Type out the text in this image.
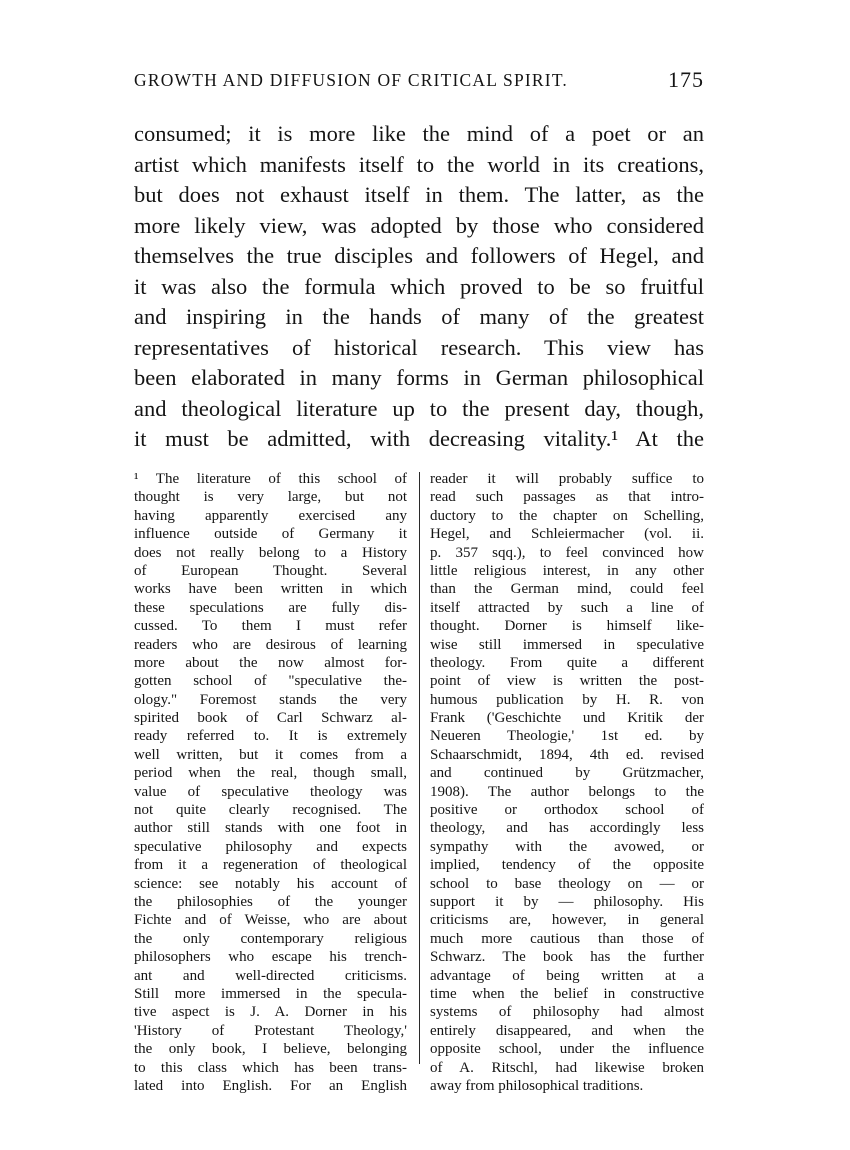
GROWTH AND DIFFUSION OF CRITICAL SPIRIT.	175
consumed; it is more like the mind of a poet or an
artist which manifests itself to the world in its creations,
but does not exhaust itself in them. The latter, as the
more likely view, was adopted by those who considered
themselves the true disciples and followers of Hegel, and
it was also the formula which proved to be so fruitful
and inspiring in the hands of many of the greatest
representatives of historical research. This view has
been elaborated in many forms in German philosophical
and theological literature up to the present day, though,
it must be admitted, with decreasing vitality.¹ At the
¹ The literature of this school of
thought is very large, but not
having apparently exercised any
influence outside of Germany it
does not really belong to a History
of European Thought. Several
works have been written in which
these speculations are fully dis-
cussed. To them I must refer
readers who are desirous of learning
more about the now almost for-
gotten school of "speculative the-
ology." Foremost stands the very
spirited book of Carl Schwarz al-
ready referred to. It is extremely
well written, but it comes from a
period when the real, though small,
value of speculative theology was
not quite clearly recognised. The
author still stands with one foot in
speculative philosophy and expects
from it a regeneration of theological
science: see notably his account of
the philosophies of the younger
Fichte and of Weisse, who are about
the only contemporary religious
philosophers who escape his trench-
ant and well-directed criticisms.
Still more immersed in the specula-
tive aspect is J. A. Dorner in his
'History of Protestant Theology,'
the only book, I believe, belonging
to this class which has been trans-
lated into English. For an English
reader it will probably suffice to
read such passages as that intro-
ductory to the chapter on Schelling,
Hegel, and Schleiermacher (vol. ii.
p. 357 sqq.), to feel convinced how
little religious interest, in any other
than the German mind, could feel
itself attracted by such a line of
thought. Dorner is himself like-
wise still immersed in speculative
theology. From quite a different
point of view is written the post-
humous publication by H. R. von
Frank ('Geschichte und Kritik der
Neueren Theologie,' 1st ed. by
Schaarschmidt, 1894, 4th ed. revised
and continued by Grützmacher,
1908). The author belongs to the
positive or orthodox school of
theology, and has accordingly less
sympathy with the avowed, or
implied, tendency of the opposite
school to base theology on — or
support it by — philosophy. His
criticisms are, however, in general
much more cautious than those of
Schwarz. The book has the further
advantage of being written at a
time when the belief in constructive
systems of philosophy had almost
entirely disappeared, and when the
opposite school, under the influence
of A. Ritschl, had likewise broken
away from philosophical traditions.
